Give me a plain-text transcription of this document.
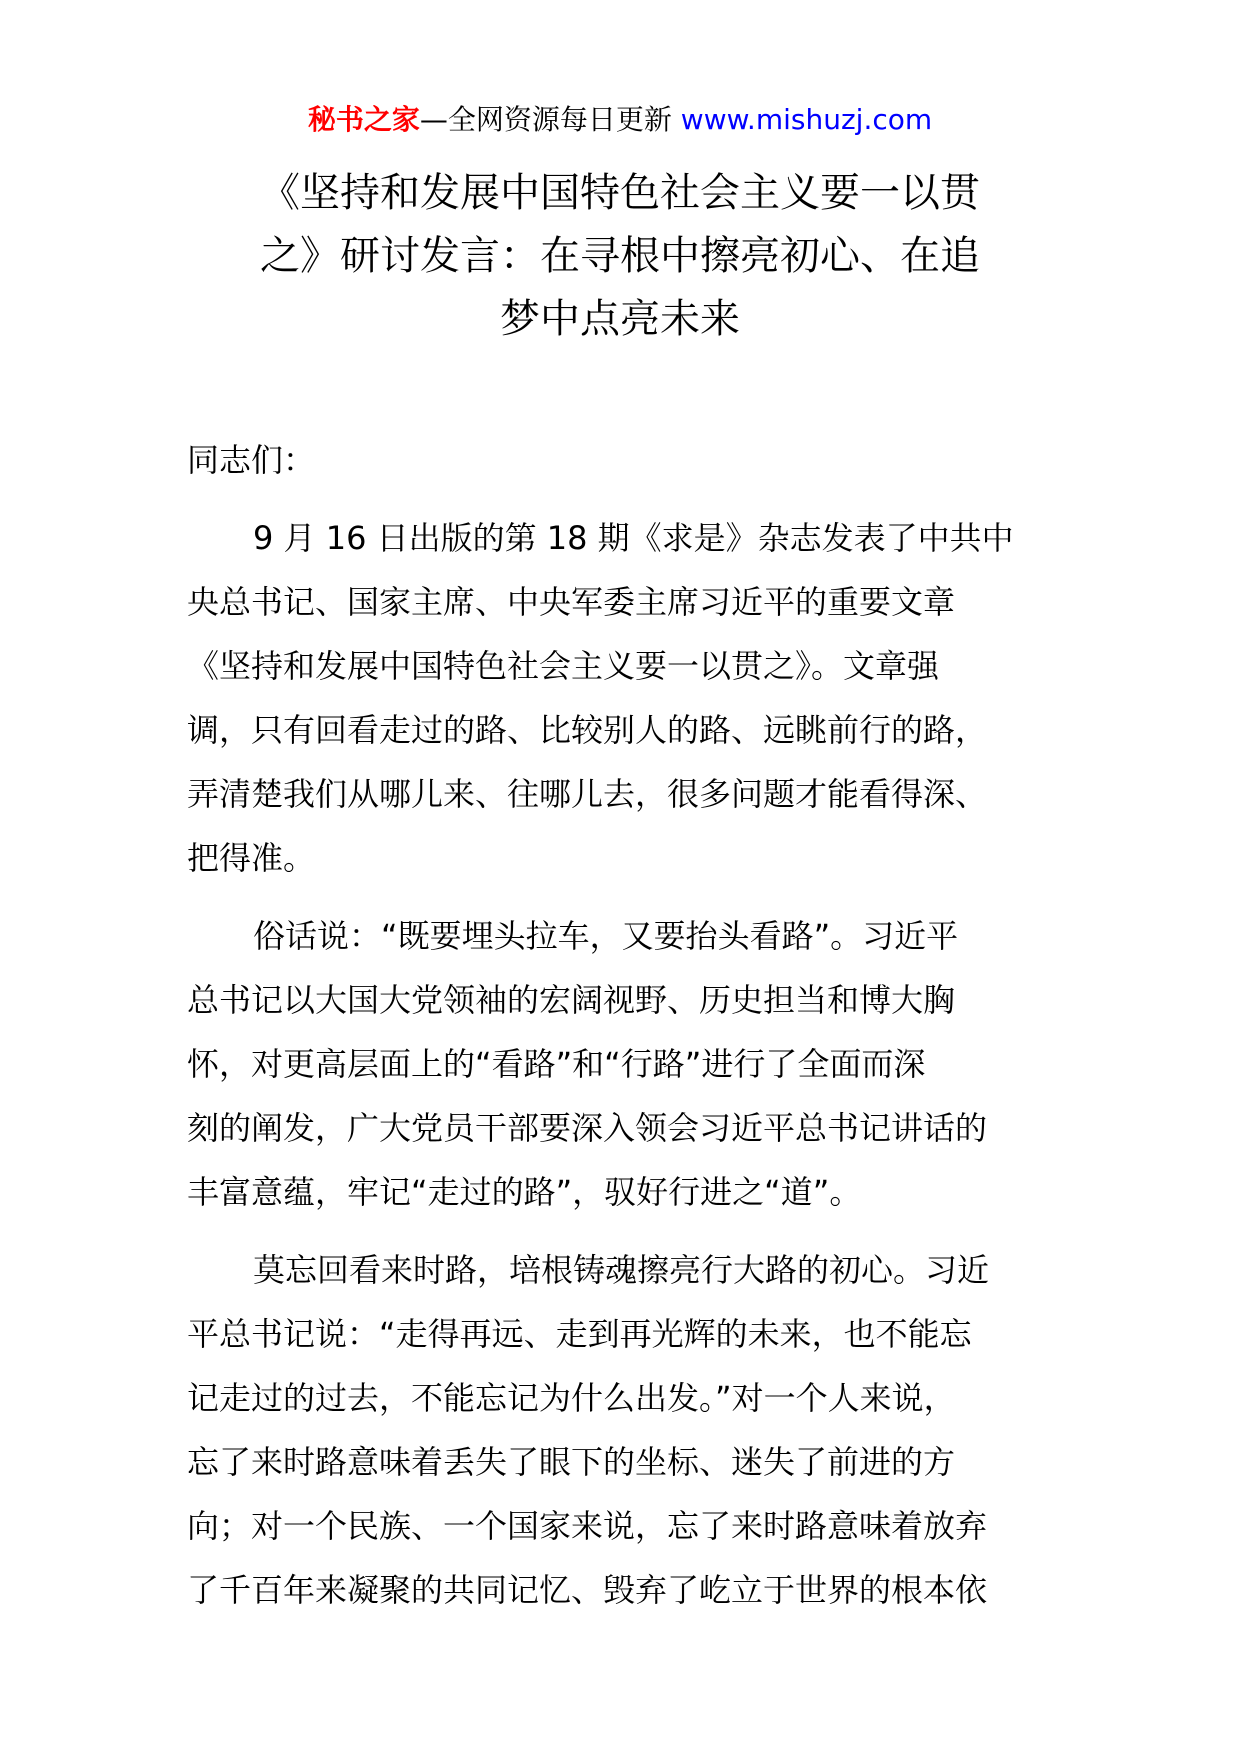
秘书之家—全网资源每日更新 www.mishuzj.com
《坚持和发展中国特色社会主义要一以贯
之》研讨发言：在寻根中擦亮初心、在追
梦中点亮未来
同志们：
9 月 16 日出版的第 18 期《求是》杂志发表了中共中
央总书记、国家主席、中央军委主席习近平的重要文章
《坚持和发展中国特色社会主义要一以贯之》。文章强
调，只有回看走过的路、比较别人的路、远眺前行的路，
弄清楚我们从哪儿来、往哪儿去，很多问题才能看得深、
把得准。
俗话说：“既要埋头拉车，又要抬头看路”。习近平
总书记以大国大党领袖的宏阔视野、历史担当和博大胸
怀，对更高层面上的“看路”和“行路”进行了全面而深
刻的阐发，广大党员干部要深入领会习近平总书记讲话的
丰富意蕴，牢记“走过的路”，驭好行进之“道”。
莫忘回看来时路，培根铸魂擦亮行大路的初心。习近
平总书记说：“走得再远、走到再光辉的未来，也不能忘
记走过的过去，不能忘记为什么出发。”对一个人来说，
忘了来时路意味着丢失了眼下的坐标、迷失了前进的方
向；对一个民族、一个国家来说，忘了来时路意味着放弃
了千百年来凝聚的共同记忆、毁弃了屹立于世界的根本依
